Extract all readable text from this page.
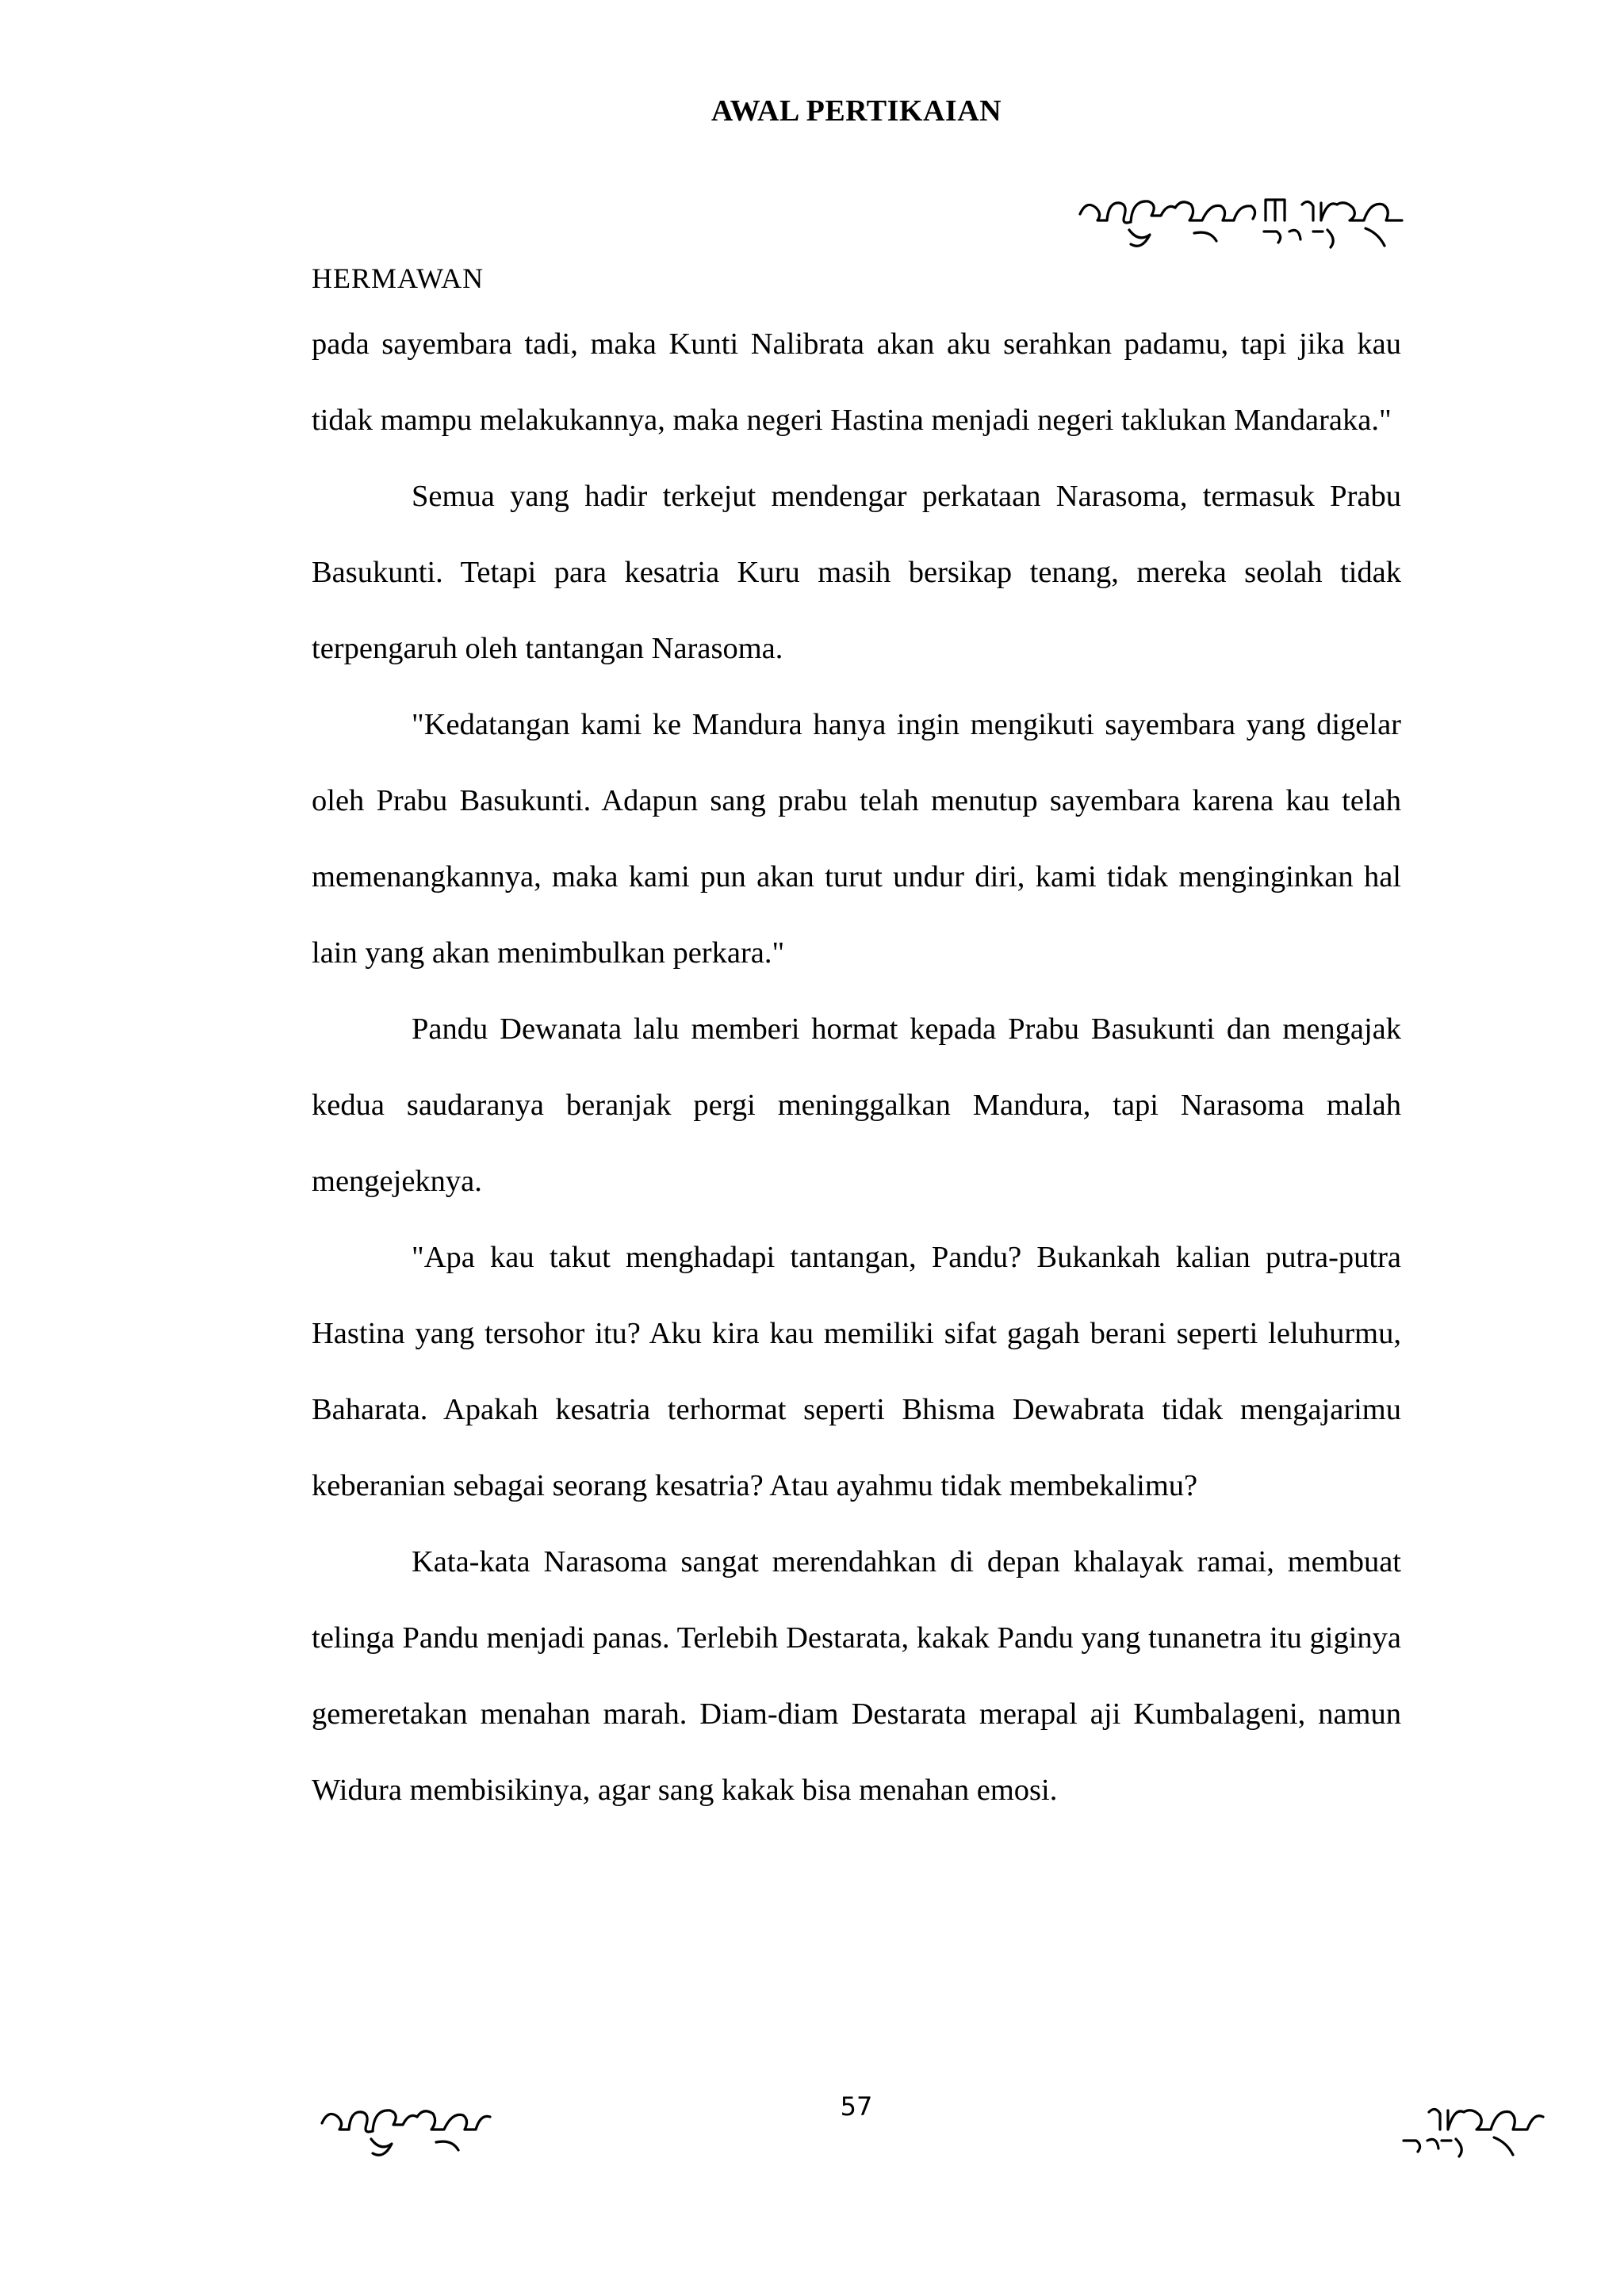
AWAL PERTIKAIAN
HERMAWAN

pada sayembara tadi, maka Kunti Nalibrata akan aku serahkan padamu, tapi jika kau tidak mampu melakukannya, maka negeri Hastina menjadi negeri taklukan Mandaraka."

Semua yang hadir terkejut mendengar perkataan Narasoma, termasuk Prabu Basukunti. Tetapi para kesatria Kuru masih bersikap tenang, mereka seolah tidak terpengaruh oleh tantangan Narasoma.

"Kedatangan kami ke Mandura hanya ingin mengikuti sayembara yang digelar oleh Prabu Basukunti. Adapun sang prabu telah menutup sayembara karena kau telah memenangkannya, maka kami pun akan turut undur diri, kami tidak menginginkan hal lain yang akan menimbulkan perkara."

Pandu Dewanata lalu memberi hormat kepada Prabu Basukunti dan mengajak kedua saudaranya beranjak pergi meninggalkan Mandura, tapi Narasoma malah mengejeknya.

"Apa kau takut menghadapi tantangan, Pandu? Bukankah kalian putra-putra Hastina yang tersohor itu? Aku kira kau memiliki sifat gagah berani seperti leluhurmu, Baharata. Apakah kesatria terhormat seperti Bhisma Dewabrata tidak mengajarimu keberanian sebagai seorang kesatria? Atau ayahmu tidak membekalimu?

Kata-kata Narasoma sangat merendahkan di depan khalayak ramai, membuat telinga Pandu menjadi panas. Terlebih Destarata, kakak Pandu yang tunanetra itu giginya gemeretakan menahan marah. Diam-diam Destarata merapal aji Kumbalageni, namun Widura membisikinya, agar sang kakak bisa menahan emosi.

57
